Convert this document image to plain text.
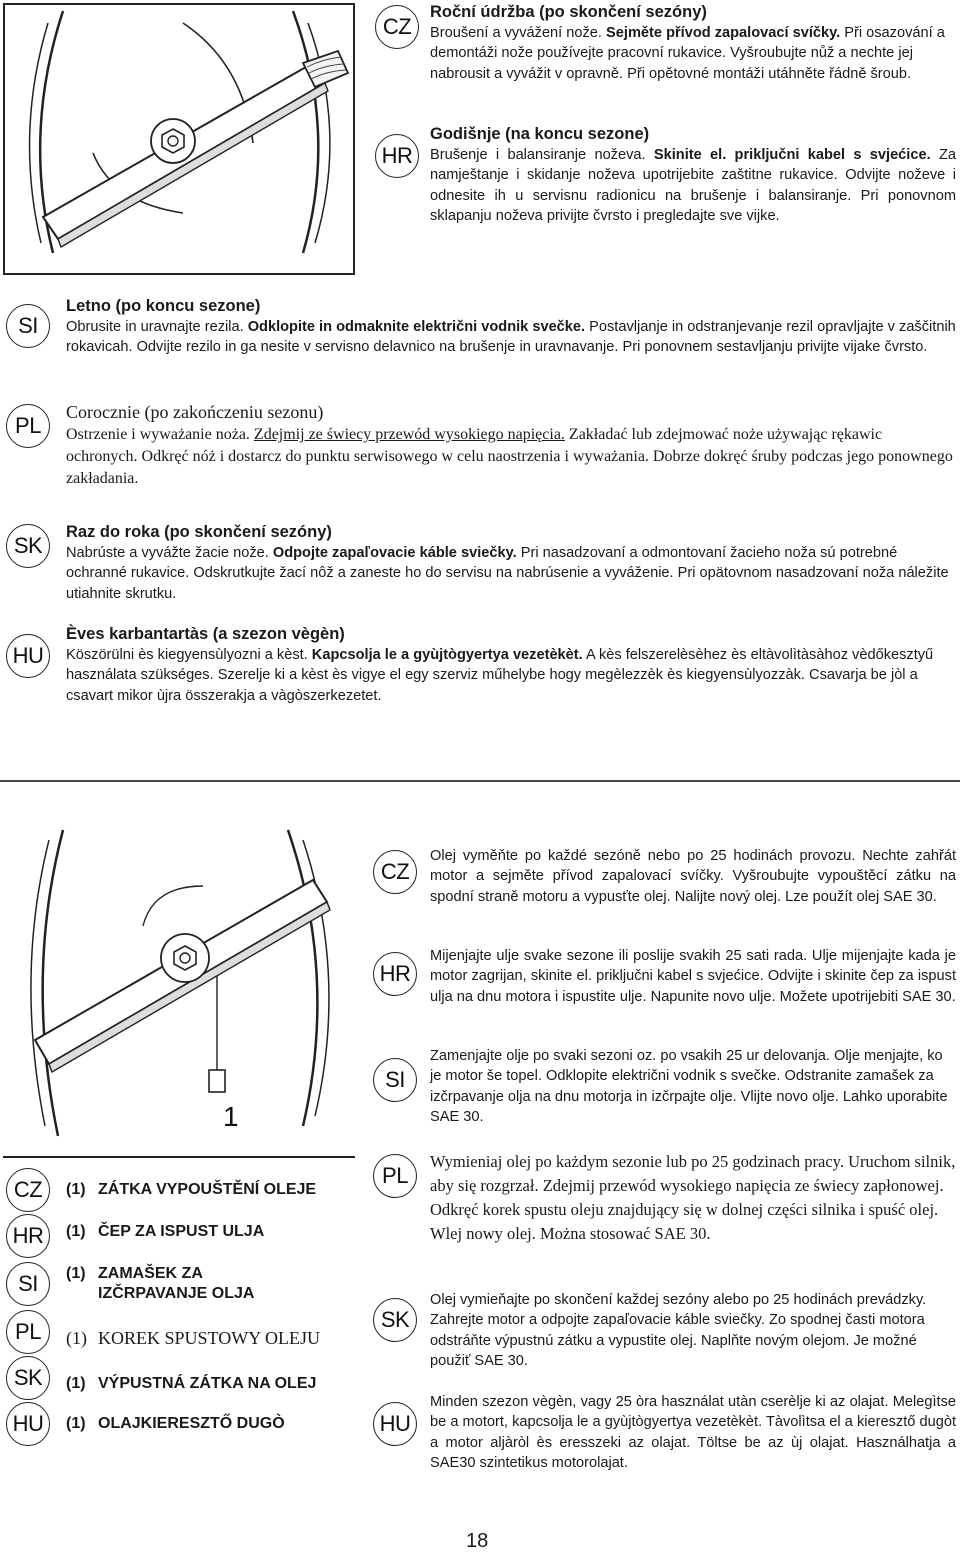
CZ
Roční údržba (po skončení sezóny)

Broušení a vyvážení nože. Sejměte přívod zapalovací svíčky. Při osazování a demontáži nože používejte pracovní rukavice. Vyšroubujte nůž a nechte jej nabrousit a vyvážit v opravně. Při opětovné montáži utáhněte řádně šroub.

HR
Godišnje (na koncu sezone)

Brušenje i balansiranje noževa. Skinite el. priključni kabel s svjećice. Za namještanje i skidanje noževa upotrijebite zaštitne rukavice. Odvijte noževe i odnesite ih u servisnu radionicu na brušenje i balansiranje. Pri ponovnom sklapanju noževa privijte čvrsto i pregledajte sve vijke.

SI
Letno (po koncu sezone)

Obrusite in uravnajte rezila. Odklopite in odmaknite električni vodnik svečke. Postavljanje in odstranjevanje rezil opravljajte v zaščitnih rokavicah. Odvijte rezilo in ga nesite v servisno delavnico na brušenje in uravnavanje. Pri ponovnem sestavljanju privijte vijake čvrsto.

PL
Corocznie (po zakończeniu sezonu)

Ostrzenie i wyważanie noża. Zdejmij ze świecy przewód wysokiego napięcia. Zakładać lub zdejmować noże używając rękawic ochronych. Odkręć nóż i dostarcz do punktu serwisowego w celu naostrzenia i wyważania. Dobrze dokręć śruby podczas jego ponownego zakładania.

SK
Raz do roka (po skončení sezóny)

Nabrúste a vyvážte žacie nože. Odpojte zapaľovacie káble sviečky. Pri nasadzovaní a odmontovaní žacieho noža sú potrebné ochranné rukavice. Odskrutkujte žací nôž a zaneste ho do servisu na nabrúsenie a vyváženie. Pri opätovnom nasadzovaní noža náležite utiahnite skrutku.

HU
Èves karbantartàs (a szezon vègèn)

Köszörülni ès kiegyensùlyozni a kèst. Kapcsolja le a gyùjtògyertya vezetèkèt. A kès felszerelèsèhez ès eltàvolìtàsàhoz vèdőkesztyű használata szükséges. Szerelje ki a kèst ès vigye el egy szerviz műhelybe hogy megèlezzèk ès kiegyensùlyozzàk. Csavarja be jòl a csavart mikor ùjra összerakja a vàgòszerkezetet.

1
CZ (1) ZÁTKA VYPOUŠTĚNÍ OLEJE
HR (1) ČEP ZA ISPUST ULJA
SI (1) ZAMAŠEK ZA
IZČRPAVANJE OLJA
PL (1) KOREK SPUSTOWY OLEJU
SK (1) VÝPUSTNÁ ZÁTKA NA OLEJ
HU (1) OLAJKIERESZTŐ DUGÒ
CZ

Olej vyměňte po každé sezóně nebo po 25 hodinách provozu. Nechte zahřát motor a sejměte přívod zapalovací svíčky. Vyšroubujte vypouštěcí zátku na spodní straně motoru a vypusťte olej. Nalijte nový olej. Lze použít olej SAE 30.

HR

Mijenjajte ulje svake sezone ili poslije svakih 25 sati rada. Ulje mijenjajte kada je motor zagrijan, skinite el. priključni kabel s svjećice. Odvijte i skinite čep za ispust ulja na dnu motora i ispustite ulje. Napunite novo ulje. Možete upotrijebiti SAE 30.

SI

Zamenjajte olje po svaki sezoni oz. po vsakih 25 ur delovanja. Olje menjajte, ko je motor še topel. Odklopite električni vodnik s svečke. Odstranite zamašek za izčrpavanje olja na dnu motorja in izčrpajte olje. Vlijte novo olje. Lahko uporabite SAE 30.

PL

Wymieniaj olej po każdym sezonie lub po 25 godzinach pracy. Uruchom silnik, aby się rozgrzał. Zdejmij przewód wysokiego napięcia ze świecy zapłonowej. Odkręć korek spustu oleju znajdujący się w dolnej części silnika i spuść olej. Wlej nowy olej. Można stosować SAE 30.

SK

Olej vymieňajte po skončení každej sezóny alebo po 25 hodinách prevádzky. Zahrejte motor a odpojte zapaľovacie káble sviečky. Zo spodnej časti motora odstráňte výpustnú zátku a vypustite olej. Naplňte novým olejom. Je možné použiť SAE 30.

HU

Minden szezon vègèn, vagy 25 òra használat utàn cserèlje ki az olajat. Melegìtse be a motort, kapcsolja le a gyùjtògyertya vezetèkèt. Tàvolìtsa el a kieresztő dugòt a motor aljàròl ès eresszeki az olajat. Töltse be az ùj olajat. Használhatja a SAE30 szintetikus motorolajat.

18
